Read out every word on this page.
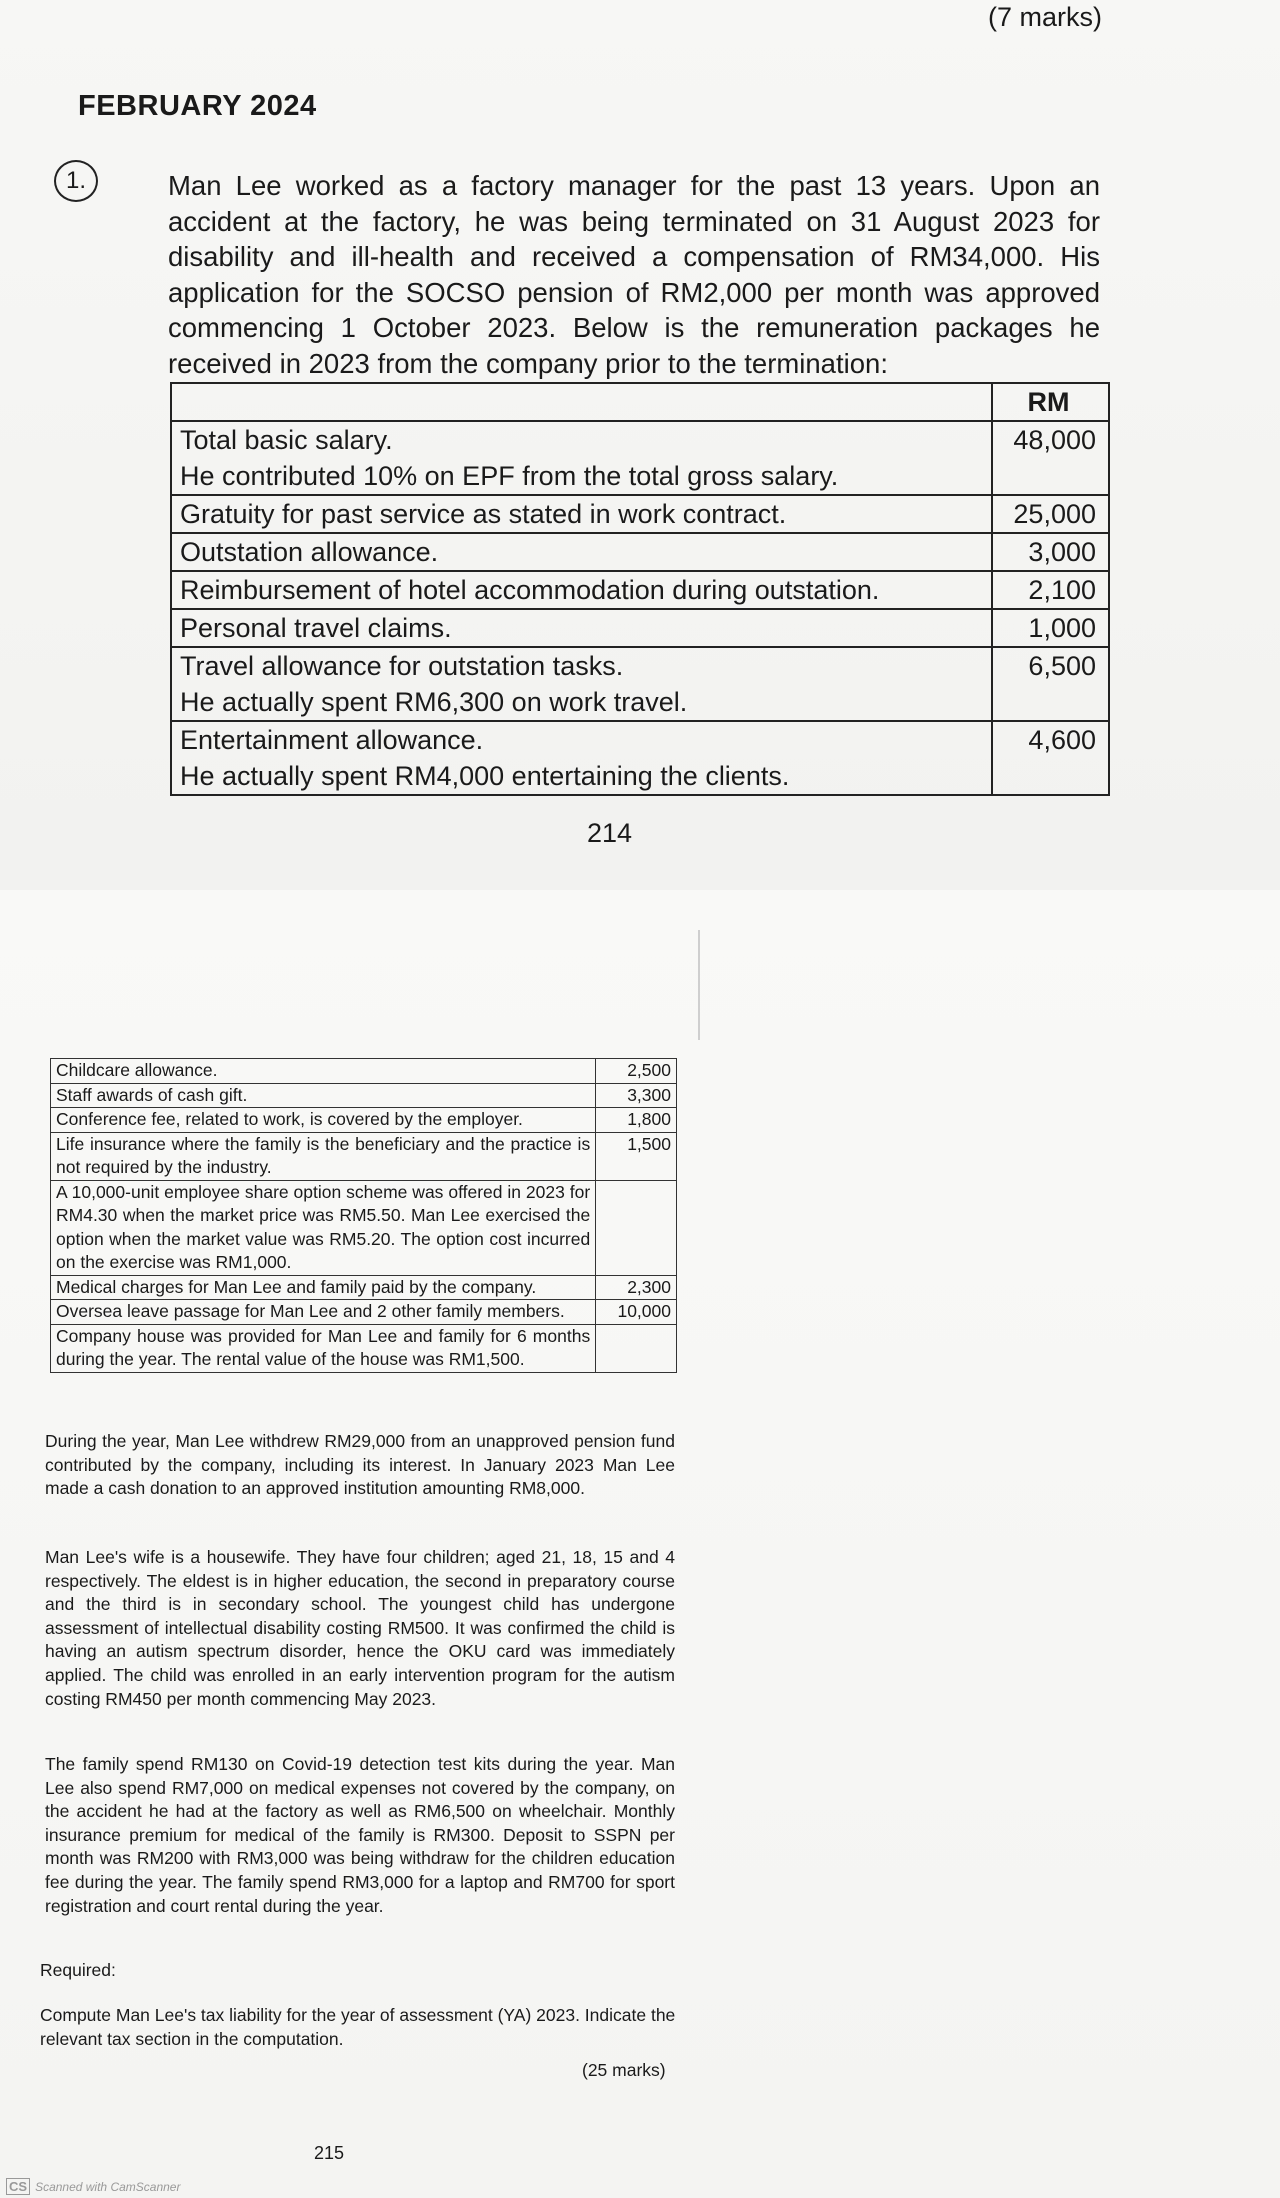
(7 marks)
FEBRUARY 2024
1.	Man Lee worked as a factory manager for the past 13 years. Upon an accident at the factory, he was being terminated on 31 August 2023 for disability and ill-health and received a compensation of RM34,000. His application for the SOCSO pension of RM2,000 per month was approved commencing 1 October 2023. Below is the remuneration packages he received in 2023 from the company prior to the termination:
	RM

Total basic salary.
He contributed 10% on EPF from the total gross salary.	48,000
Gratuity for past service as stated in work contract.	25,000
Outstation allowance.	3,000
Reimbursement of hotel accommodation during outstation.	2,100
Personal travel claims.	1,000

Travel allowance for outstation tasks.
He actually spent RM6,300 on work travel.	6,500

Entertainment allowance.
He actually spent RM4,000 entertaining the clients.	4,600
214
Childcare allowance.	2,500
Staff awards of cash gift.	3,300
Conference fee, related to work, is covered by the employer.	1,800
Life insurance where the family is the beneficiary and the practice is not required by the industry.	1,500
A 10,000-unit employee share option scheme was offered in 2023 for RM4.30 when the market price was RM5.50. Man Lee exercised the option when the market value was RM5.20. The option cost incurred on the exercise was RM1,000.	
Medical charges for Man Lee and family paid by the company.	2,300
Oversea leave passage for Man Lee and 2 other family members.	10,000
Company house was provided for Man Lee and family for 6 months during the year. The rental value of the house was RM1,500.	
During the year, Man Lee withdrew RM29,000 from an unapproved pension fund contributed by the company, including its interest. In January 2023 Man Lee made a cash donation to an approved institution amounting RM8,000.
Man Lee's wife is a housewife. They have four children; aged 21, 18, 15 and 4 respectively. The eldest is in higher education, the second in preparatory course and the third is in secondary school. The youngest child has undergone assessment of intellectual disability costing RM500. It was confirmed the child is having an autism spectrum disorder, hence the OKU card was immediately applied. The child was enrolled in an early intervention program for the autism costing RM450 per month commencing May 2023.
The family spend RM130 on Covid-19 detection test kits during the year. Man Lee also spend RM7,000 on medical expenses not covered by the company, on the accident he had at the factory as well as RM6,500 on wheelchair. Monthly insurance premium for medical of the family is RM300. Deposit to SSPN per month was RM200 with RM3,000 was being withdraw for the children education fee during the year. The family spend RM3,000 for a laptop and RM700 for sport registration and court rental during the year.
Required:
Compute Man Lee's tax liability for the year of assessment (YA) 2023. Indicate the relevant tax section in the computation.
(25 marks)
215
CS Scanned with CamScanner
